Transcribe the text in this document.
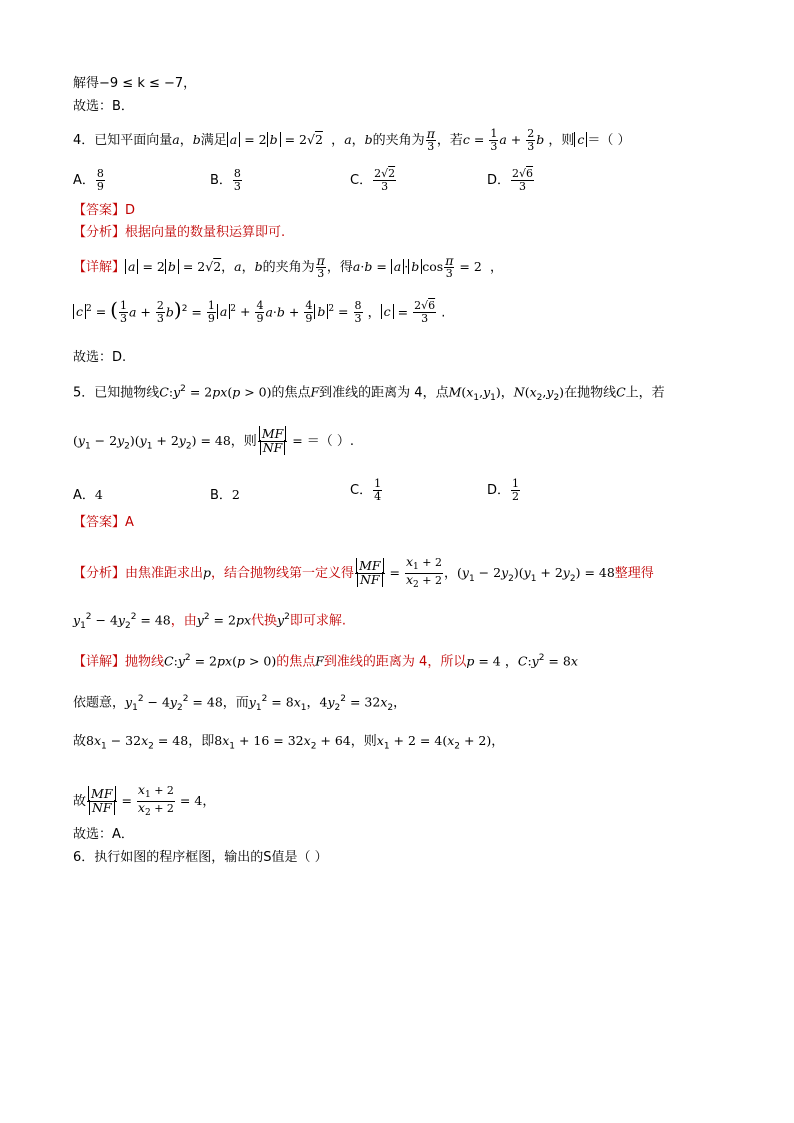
解得−9 ≤ k ≤ −7，
故选：B．
4．已知平面向量a，b满足 a = 2 b = 2√2  ，a，b的夹角为 $\frac{\pi}{3}$ ，若$c = \frac{1}{3}$ $a + \frac{2}{3}$ b ，则 c ＝（ ）
A． $\frac{8}{9}$	B． $\frac{8}{3}$	C． $\frac{2√2}{3}$	D． $\frac{2√6}{3}$
【答案】D
【分析】根据向量的数量积运算即可.
【详解】 a = 2 b = 2√2，a，b的夹角为 $\frac{\pi}{3}$ ，得a·b = a · b $\cos \frac{\pi}{3} = 2$  ，
c $^2$ = ( $\frac{1}{3}$ $a + \frac{2}{3} b)^2 = \frac{1}{9}$ a $^2 + \frac{4}{9} a\cdot b + \frac{4}{9}$ b $^2 = \frac{8}{3}$ ， $c = \frac{2√6}{3}$ .
故选：D.
5．已知抛物线$C:y^2 = 2px(p > 0)$的焦点F到准线的距离为 4，点$M(x_1,y_1)$，$N(x_2,y_2)$在抛物线C上，若
$(y_1 - 2y_2)(y_1 + 2y_2) = 48$，则 $\frac{MF}{NF}$ = ＝（ ）.
A．4	B．2	C． $\frac{1}{4}$	D． $\frac{1}{2}$
【答案】A
【分析】由焦准距求出p，结合抛物线第一定义得 $\frac{MF}{NF} = \frac{x_1 + 2}{x_2 + 2}$ ，$(y_1 - 2y_2)(y_1 + 2y_2) = 48$整理得
$y_1^2 - 4y_2^2 = 48$，由$y^2 = 2px$代换$y^2$即可求解.
【详解】抛物线$C:y^2 = 2px(p > 0)$的焦点F到准线的距离为 4，所以p = 4 ，$C:y^2 = 8x$
依题意，$y_1^2 - 4y_2^2 = 48$，而$y_1^2 = 8x_1$，$4y_2^2 = 32x_2$，
故$8x_1 - 32x_2 = 48$，即$8x_1 + 16 = 32x_2 + 64$，则$x_1 + 2 = 4(x_2 + 2)$，
故 $\frac{MF}{NF} = \frac{x_1 + 2}{x_2 + 2} = 4$，
故选：A．
6．执行如图的程序框图，输出的S值是（ ）
